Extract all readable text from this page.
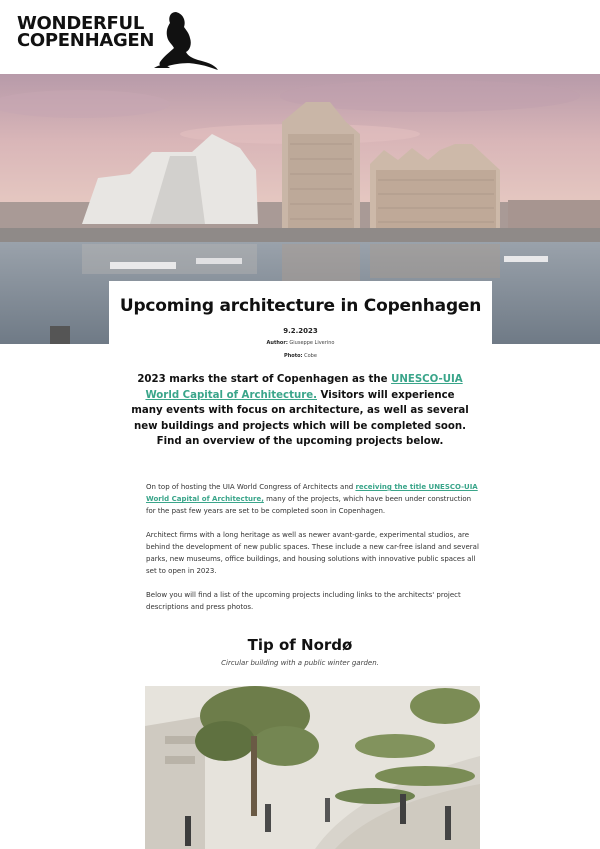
WONDERFUL
COPENHAGEN
Upcoming architecture in Copenhagen
9.2.2023
Author: Giuseppe Liverino
Photo: Cobe
2023 marks the start of Copenhagen as the UNESCO-UIA World Capital of Architecture. Visitors will experience many events with focus on architecture, as well as several new buildings and projects which will be completed soon. Find an overview of the upcoming projects below.
On top of hosting the UIA World Congress of Architects and receiving the title UNESCO-UIA World Capital of Architecture, many of the projects, which have been under construction for the past few years are set to be completed soon in Copenhagen.
Architect firms with a long heritage as well as newer avant-garde, experimental studios, are behind the development of new public spaces. These include a new car-free island and several parks, new museums, office buildings, and housing solutions with innovative public spaces all set to open in 2023.
Below you will find a list of the upcoming projects including links to the architects' project descriptions and press photos.
Tip of Nordø
Circular building with a public winter garden.
